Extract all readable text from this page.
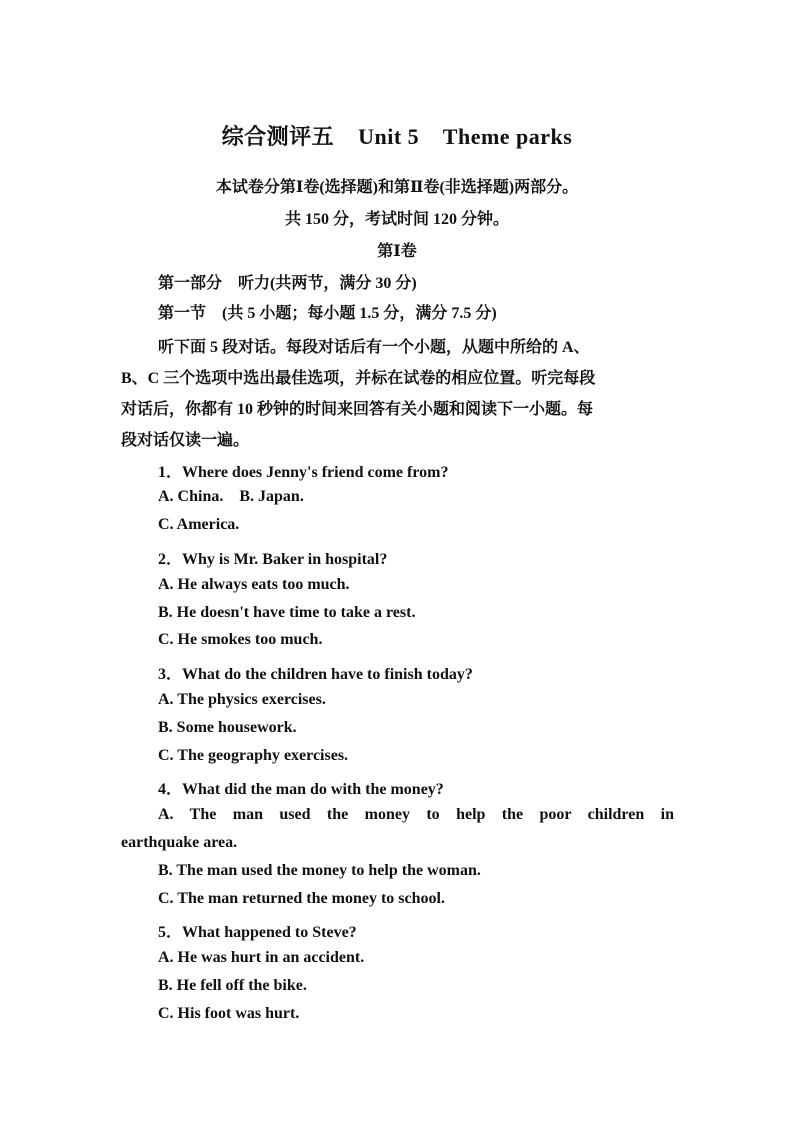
综合测评五    Unit 5    Theme parks
本试卷分第Ⅰ卷(选择题)和第Ⅱ卷(非选择题)两部分。
共 150 分，考试时间 120 分钟。
第Ⅰ卷
第一部分    听力(共两节，满分 30 分)
第一节    (共 5 小题；每小题 1.5 分，满分 7.5 分)
听下面 5 段对话。每段对话后有一个小题，从题中所给的 A、
B、C 三个选项中选出最佳选项，并标在试卷的相应位置。听完每段
对话后，你都有 10 秒钟的时间来回答有关小题和阅读下一小题。每
段对话仅读一遍。
1．Where does Jenny's friend come from?
A. China.    B. Japan.
C. America.
2．Why is Mr. Baker in hospital?
A. He always eats too much.
B. He doesn't have time to take a rest.
C. He smokes too much.
3．What do the children have to finish today?
A. The physics exercises.
B. Some housework.
C. The geography exercises.
4．What did the man do with the money?
A. The man used the money to help the poor children in
earthquake area.
B. The man used the money to help the woman.
C. The man returned the money to school.
5．What happened to Steve?
A. He was hurt in an accident.
B. He fell off the bike.
C. His foot was hurt.
